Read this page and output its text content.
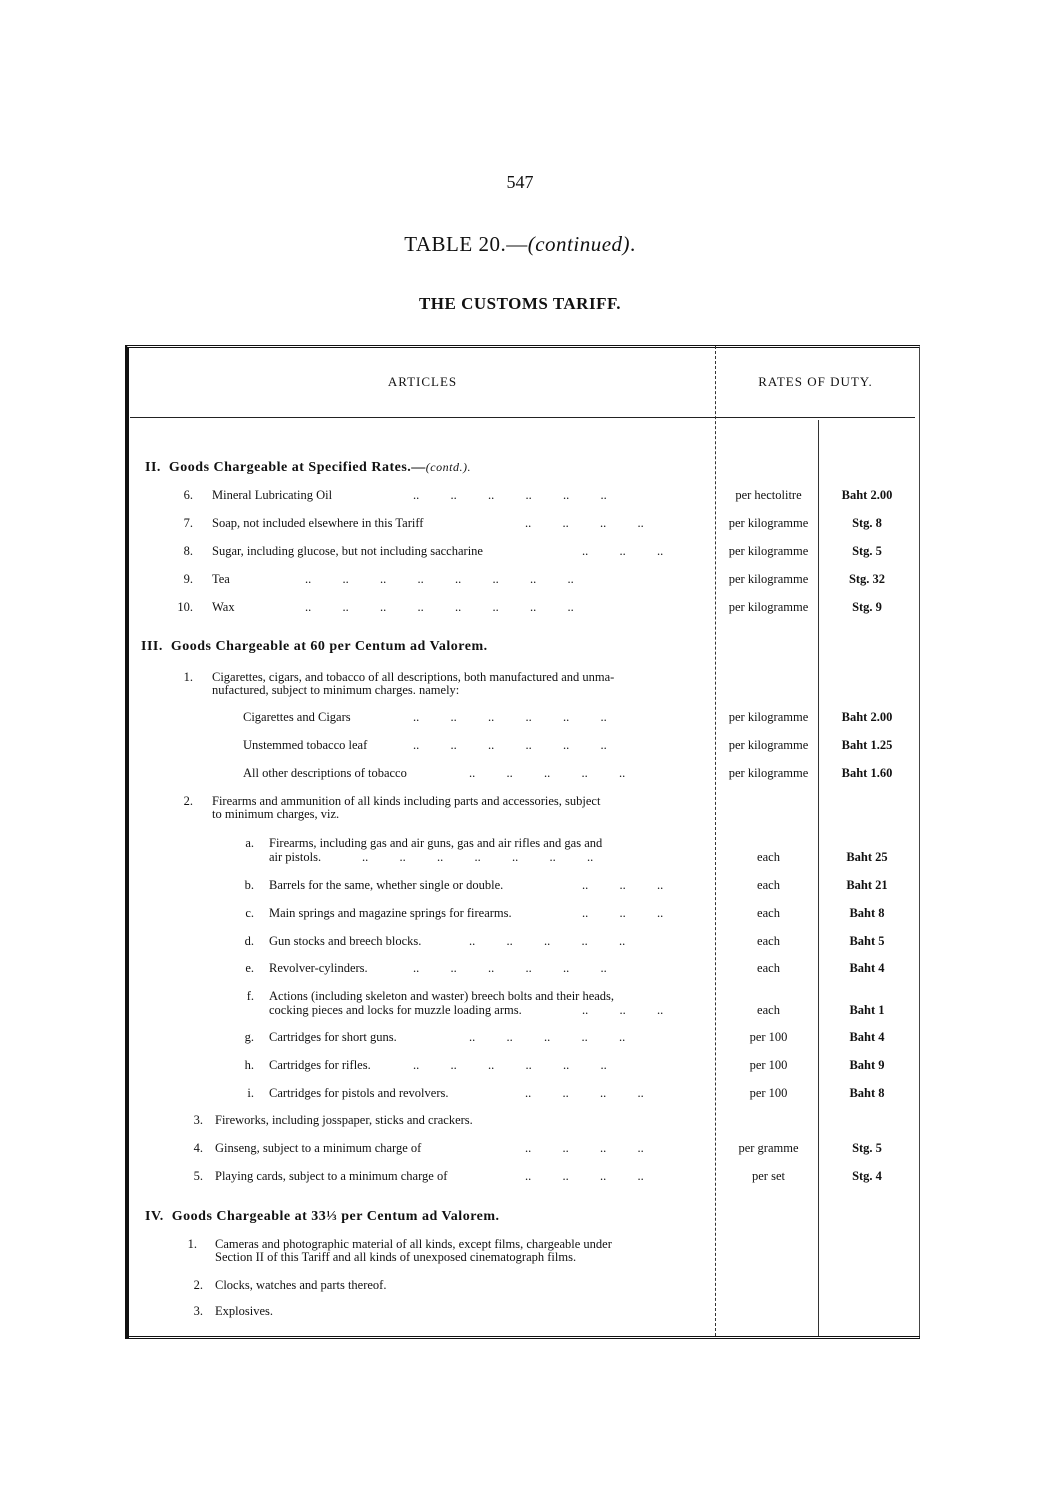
547
TABLE 20.—(continued).
THE CUSTOMS TARIFF.
ARTICLES	RATES OF DUTY.
II. Goods Chargeable at Specified Rates.—(contd.).
6. Mineral Lubricating Oil	..          ..          ..          ..          ..          ..	per hectolitre	Baht 2.00
7. Soap, not included elsewhere in this Tariff	..          ..          ..          ..	per kilogramme	Stg. 8
8. Sugar, including glucose, but not including saccharine	..          ..          ..	per kilogramme	Stg. 5
9. Tea	..          ..          ..          ..          ..          ..          ..          ..	per kilogramme	Stg. 32
10. Wax	..          ..          ..          ..          ..          ..          ..          ..	per kilogramme	Stg. 9
III. Goods Chargeable at 60 per Centum ad Valorem.
1. Cigarettes, cigars, and tobacco of all descriptions, both manufactured and unma-
nufactured, subject to minimum charges. namely:
Cigarettes and Cigars	..          ..          ..          ..          ..          ..	per kilogramme	Baht 2.00
Unstemmed tobacco leaf	..          ..          ..          ..          ..          ..	per kilogramme	Baht 1.25
All other descriptions of tobacco	..          ..          ..          ..          ..	per kilogramme	Baht 1.60
2. Firearms and ammunition of all kinds including parts and accessories, subject
to minimum charges, viz.
a. Firearms, including gas and air guns, gas and air rifles and gas and
air pistols.	..          ..          ..          ..          ..          ..          ..	each	Baht 25
b. Barrels for the same, whether single or double.	..          ..          ..	each	Baht 21
c. Main springs and magazine springs for firearms.	..          ..          ..	each	Baht 8
d. Gun stocks and breech blocks.	..          ..          ..          ..          ..	each	Baht 5
e. Revolver-cylinders.	..          ..          ..          ..          ..          ..	each	Baht 4
f. Actions (including skeleton and waster) breech bolts and their heads,
cocking pieces and locks for muzzle loading arms.	..          ..          ..	each	Baht 1
g. Cartridges for short guns.	..          ..          ..          ..          ..	per 100	Baht 4
h. Cartridges for rifles.	..          ..          ..          ..          ..          ..	per 100	Baht 9
i. Cartridges for pistols and revolvers.	..          ..          ..          ..	per 100	Baht 8
3. Fireworks, including josspaper, sticks and crackers.
4. Ginseng, subject to a minimum charge of	..          ..          ..          ..	per gramme	Stg. 5
5. Playing cards, subject to a minimum charge of	..          ..          ..          ..	per set	Stg. 4
IV. Goods Chargeable at 33⅓ per Centum ad Valorem.
1. Cameras and photographic material of all kinds, except films, chargeable under
Section II of this Tariff and all kinds of unexposed cinematograph films.
2. Clocks, watches and parts thereof.
3. Explosives.
